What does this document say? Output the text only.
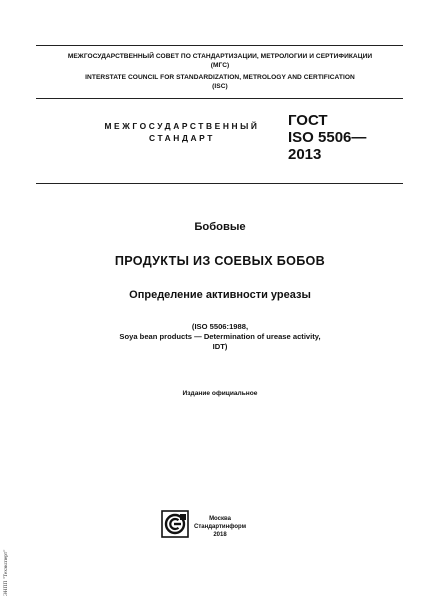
МЕЖГОСУДАРСТВЕННЫЙ СОВЕТ ПО СТАНДАРТИЗАЦИИ, МЕТРОЛОГИИ И СЕРТИФИКАЦИИ
(МГС)
INTERSTATE COUNCIL FOR STANDARDIZATION, METROLOGY AND CERTIFICATION
(ISC)
МЕЖГОСУДАРСТВЕННЫЙ
СТАНДАРТ
ГОСТ
ISO 5506—
2013
Бобовые
ПРОДУКТЫ ИЗ СОЕВЫХ БОБОВ
Определение активности уреазы
(ISO 5506:1988,
Soya bean products — Determination of urease activity,
IDT)
Издание официальное
Москва
Стандартинформ
2018
ЭНПП "Техэксперт"
